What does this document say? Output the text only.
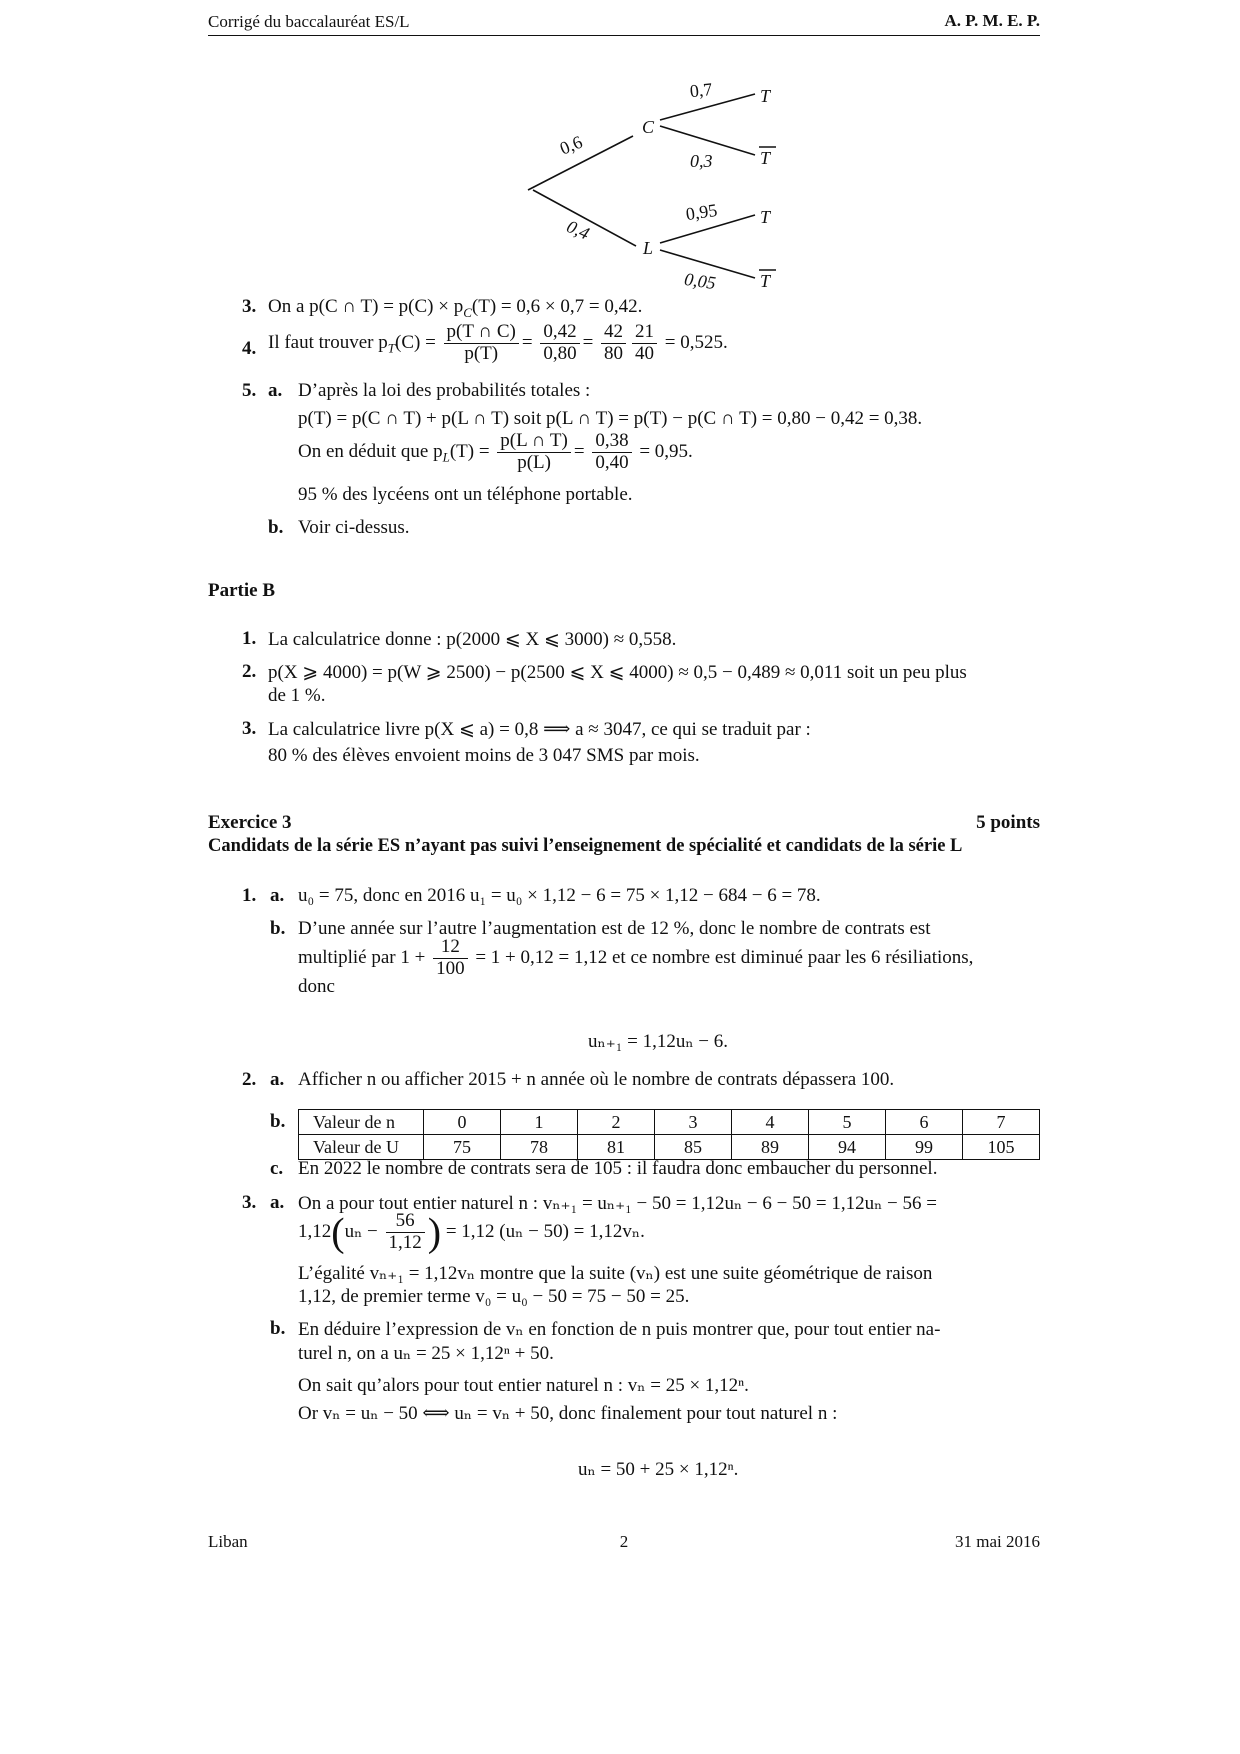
Corrigé du baccalauréat ES/L	A. P. M. E. P.
0,6
0,4
C
L
0,7
0,3
0,95
0,05
T
T
T
T
3. On a p(C ∩ $T) = p(C) \times p_C(T) = 0,6 \times 0,7 = 0,42$.
4. Il faut trouver $p_T(C) = \frac{p(T \cap C)}{p(T)} = \frac{0,42}{0,80} = \frac{42}{80} \frac{21}{40} = 0,525$.
5. a. D’après la loi des probabilités totales :
p(T) = p(C ∩ T) + p(L ∩ T) soit p(L ∩ T) = p(T) − p(C ∩ T) = 0,80 − 0,42 = 0,38.
On en déduit que $p_L(T) = \frac{p(L \cap T)}{p(L)} = \frac{0,38}{0,40} = 0,95$.
95 % des lycéens ont un téléphone portable.
b. Voir ci-dessus.
Partie B
1. La calculatrice donne : p(2000 ⩽ X ⩽ 3000) ≈ 0,558.
2. p(X ⩾ 4000) = p(W ⩾ 2500) − p(2500 ⩽ X ⩽ 4000) ≈ 0,5 − 0,489 ≈ 0,011 soit un peu plus
de 1 %.
3. La calculatrice livre p(X ⩽ a) = 0,8 ⟹ a ≈ 3047, ce qui se traduit par :
80 % des élèves envoient moins de 3 047 SMS par mois.
Exercice 3	5 points
Candidats de la série ES n’ayant pas suivi l’enseignement de spécialité et candidats de la série L
1. a. u₀ = 75, donc en 2016 u₁ = u₀ × 1,12 − 6 = 75 × 1,12 − 684 − 6 = 78.
b. D’une année sur l’autre l’augmentation est de 12 %, donc le nombre de contrats est
multiplié par $1 + \frac{12}{100} = 1 + 0,12 = 1,12$ et ce nombre est diminué paar les 6 résiliations,
donc
uₙ₊₁ = 1,12uₙ − 6.
2. a. Afficher n ou afficher 2015 + n année où le nombre de contrats dépassera 100.
b. Valeur de n	0	1	2	3	4	5	6	7
Valeur de U	75	78	81	85	89	94	99	105
c. En 2022 le nombre de contrats sera de 105 : il faudra donc embaucher du personnel.
3. a. On a pour tout entier naturel n : vₙ₊₁ = uₙ₊₁ − 50 = 1,12uₙ − 6 − 50 = 1,12uₙ − 56 =
$1,12(u_n - \frac{56}{1,12}$ ) = 1,12 (uₙ − 50) = 1,12vₙ.
L’égalité vₙ₊₁ = 1,12vₙ montre que la suite (vₙ) est une suite géométrique de raison
1,12, de premier terme v₀ = u₀ − 50 = 75 − 50 = 25.
b. En déduire l’expression de vₙ en fonction de n puis montrer que, pour tout entier na-
turel n, on a uₙ = 25 × 1,12ⁿ + 50.
On sait qu’alors pour tout entier naturel n : vₙ = 25 × 1,12ⁿ.
Or vₙ = uₙ − 50 ⟺ uₙ = vₙ + 50, donc finalement pour tout naturel n :
uₙ = 50 + 25 × 1,12ⁿ.
Liban	2	31 mai 2016
